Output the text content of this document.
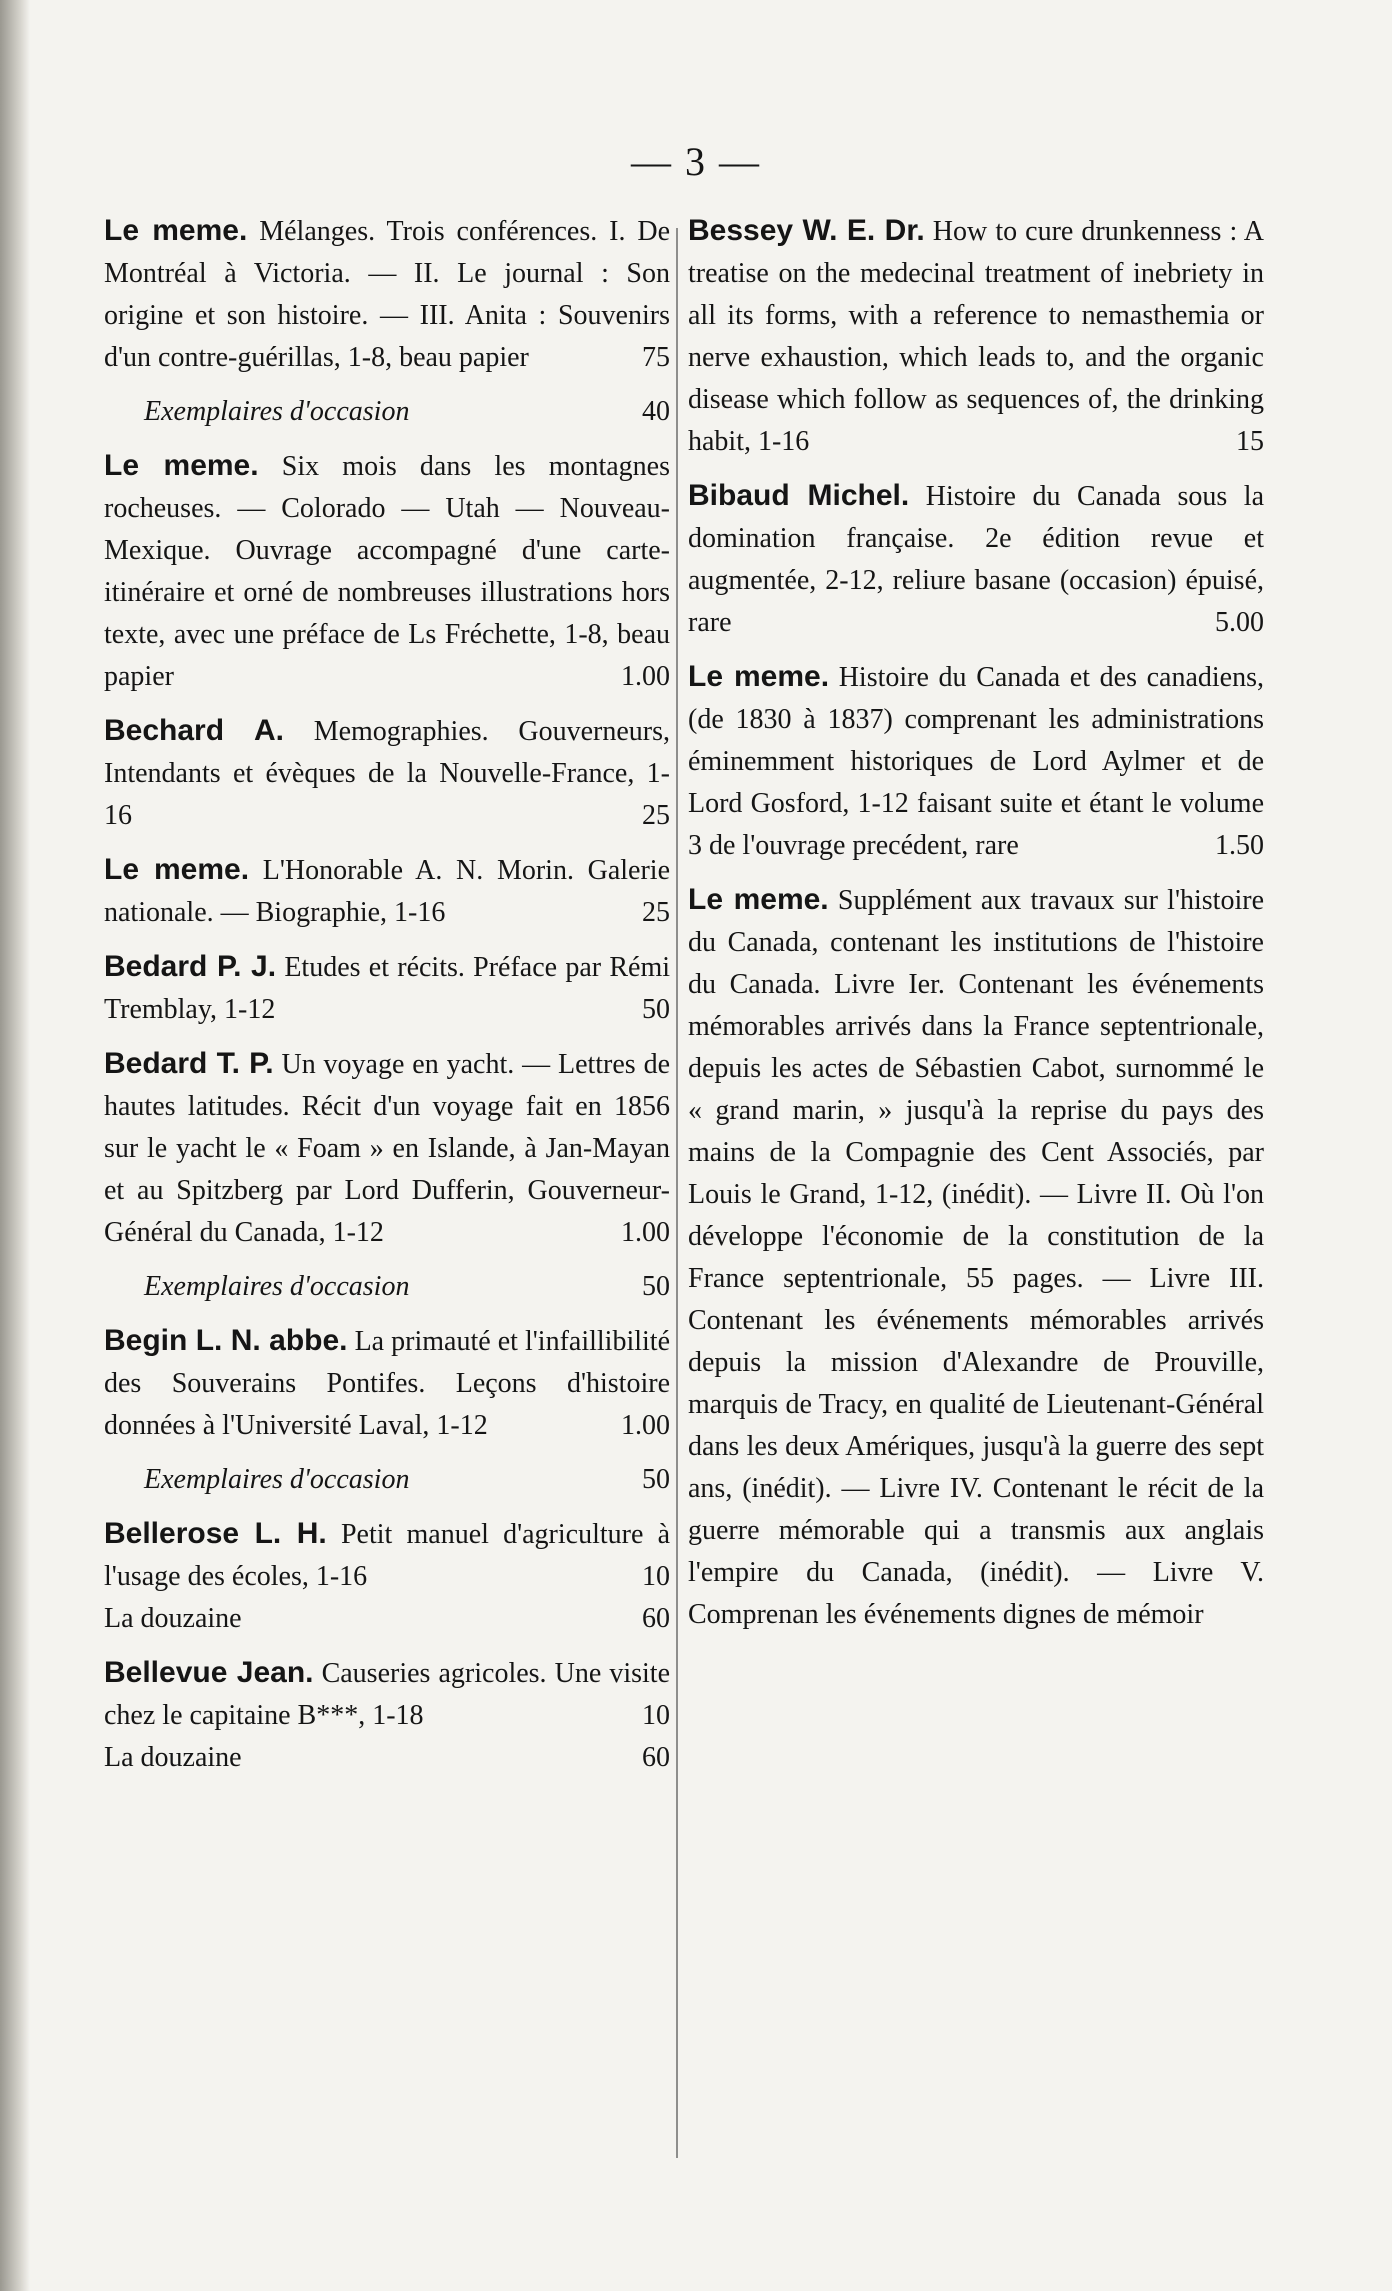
— 3 —
Le meme. Mélanges. Trois conférences. I. De Montréal à Victoria. — II. Le journal : Son origine et son histoire. — III. Anita : Souvenirs d'un contre-guérillas, 1-8, beau papier	75
Exemplaires d'occasion	40
Le meme. Six mois dans les montagnes rocheuses. — Colorado — Utah — Nouveau-Mexique. Ouvrage accompagné d'une carte-itinéraire et orné de nombreuses illustrations hors texte, avec une préface de Ls Fréchette, 1-8, beau papier	1.00
Bechard A. Memographies. Gouverneurs, Intendants et évèques de la Nouvelle-France, 1-16	25
Le meme. L'Honorable A. N. Morin. Galerie nationale. — Biographie, 1-16	25
Bedard P. J. Etudes et récits. Préface par Rémi Tremblay, 1-12	50
Bedard T. P. Un voyage en yacht. — Lettres de hautes latitudes. Récit d'un voyage fait en 1856 sur le yacht le « Foam » en Islande, à Jan-Mayan et au Spitzberg par Lord Dufferin, Gouverneur-Général du Canada, 1-12	1.00
Exemplaires d'occasion	50
Begin L. N. abbe. La primauté et l'infaillibilité des Souverains Pontifes. Leçons d'histoire données à l'Université Laval, 1-12	1.00
Exemplaires d'occasion	50
Bellerose L. H. Petit manuel d'agriculture à l'usage des écoles, 1-16	10
La douzaine	60
Bellevue Jean. Causeries agricoles. Une visite chez le capitaine B***, 1-18	10
La douzaine	60
Bessey W. E. Dr. How to cure drunkenness : A treatise on the medecinal treatment of inebriety in all its forms, with a reference to nemasthemia or nerve exhaustion, which leads to, and the organic disease which follow as sequences of, the drinking habit, 1-16	15
Bibaud Michel. Histoire du Canada sous la domination française. 2e édition revue et augmentée, 2-12, reliure basane (occasion) épuisé, rare	5.00
Le meme. Histoire du Canada et des canadiens, (de 1830 à 1837) comprenant les administrations éminemment historiques de Lord Aylmer et de Lord Gosford, 1-12 faisant suite et étant le volume 3 de l'ouvrage precédent, rare	1.50
Le meme. Supplément aux travaux sur l'histoire du Canada, contenant les institutions de l'histoire du Canada. Livre Ier. Contenant les événements mémorables arrivés dans la France septentrionale, depuis les actes de Sébastien Cabot, surnommé le « grand marin, » jusqu'à la reprise du pays des mains de la Compagnie des Cent Associés, par Louis le Grand, 1-12, (inédit). — Livre II. Où l'on développe l'économie de la constitution de la France septentrionale, 55 pages. — Livre III. Contenant les événements mémorables arrivés depuis la mission d'Alexandre de Prouville, marquis de Tracy, en qualité de Lieutenant-Général dans les deux Amériques, jusqu'à la guerre des sept ans, (inédit). — Livre IV. Contenant le récit de la guerre mémorable qui a transmis aux anglais l'empire du Canada, (inédit). — Livre V. Comprenan les événements dignes de mémoir
